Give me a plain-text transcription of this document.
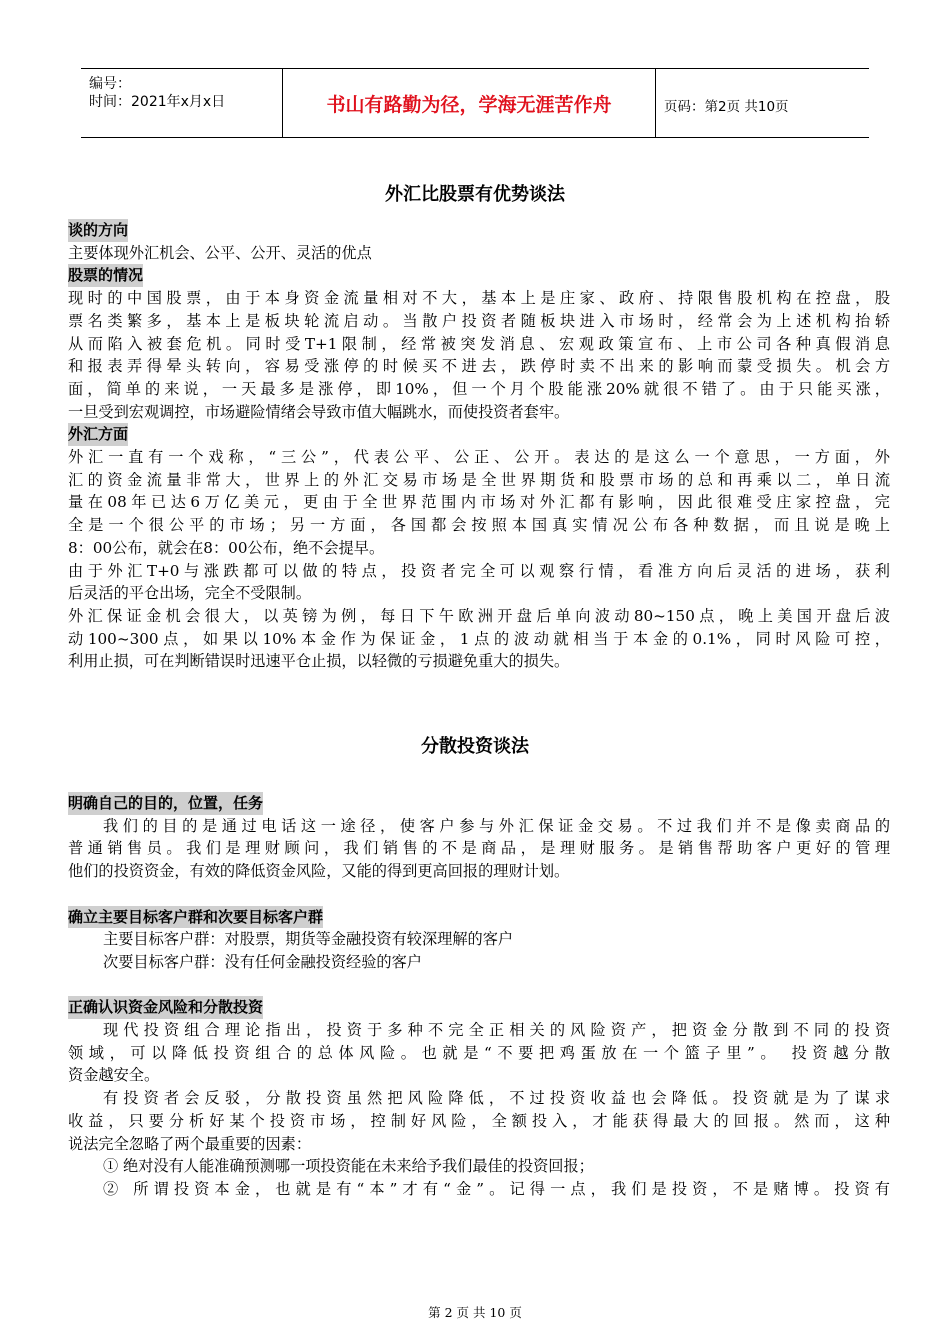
编号：
时间：2021年x月x日	书山有路勤为径，学海无涯苦作舟	页码：第2页 共10页
外汇比股票有优势谈法
谈的方向
主要体现外汇机会、公平、公开、灵活的优点
股票的情况
现时的中国股票，由于本身资金流量相对不大，基本上是庄家、政府、持限售股机构在控盘，股
票名类繁多，基本上是板块轮流启动。当散户投资者随板块进入市场时，经常会为上述机构抬轿
从而陷入被套危机。同时受T+1限制，经常被突发消息、宏观政策宣布、上市公司各种真假消息
和报表弄得晕头转向，容易受涨停的时候买不进去，跌停时卖不出来的影响而蒙受损失。机会方
面，简单的来说，一天最多是涨停，即10%，但一个月个股能涨20%就很不错了。由于只能买涨，
一旦受到宏观调控，市场避险情绪会导致市值大幅跳水，而使投资者套牢。
外汇方面
外汇一直有一个戏称，“三公”，代表公平、公正、公开。表达的是这么一个意思，一方面，外
汇的资金流量非常大，世界上的外汇交易市场是全世界期货和股票市场的总和再乘以二，单日流
量在08年已达6万亿美元，更由于全世界范围内市场对外汇都有影响，因此很难受庄家控盘，完
全是一个很公平的市场；另一方面，各国都会按照本国真实情况公布各种数据，而且说是晚上
8：00公布，就会在8：00公布，绝不会提早。
由于外汇T+0与涨跌都可以做的特点，投资者完全可以观察行情，看准方向后灵活的进场，获利
后灵活的平仓出场，完全不受限制。
外汇保证金机会很大，以英镑为例，每日下午欧洲开盘后单向波动80~150点，晚上美国开盘后波
动100~300点，如果以10%本金作为保证金，1点的波动就相当于本金的0.1%，同时风险可控，
利用止损，可在判断错误时迅速平仓止损，以轻微的亏损避免重大的损失。
分散投资谈法
明确自己的目的，位置，任务
我们的目的是通过电话这一途径，使客户参与外汇保证金交易。不过我们并不是像卖商品的
普通销售员。我们是理财顾问，我们销售的不是商品，是理财服务。是销售帮助客户更好的管理
他们的投资资金，有效的降低资金风险，又能的得到更高回报的理财计划。
确立主要目标客户群和次要目标客户群
主要目标客户群：对股票，期货等金融投资有较深理解的客户
次要目标客户群：没有任何金融投资经验的客户
正确认识资金风险和分散投资
现代投资组合理论指出，投资于多种不完全正相关的风险资产，把资金分散到不同的投资
领域，可以降低投资组合的总体风险。也就是“不要把鸡蛋放在一个篮子里”。 投资越分散
资金越安全。
有投资者会反驳，分散投资虽然把风险降低，不过投资收益也会降低。投资就是为了谋求
收益，只要分析好某个投资市场，控制好风险，全额投入，才能获得最大的回报。然而，这种
说法完全忽略了两个最重要的因素：
① 绝对没有人能准确预测哪一项投资能在未来给予我们最佳的投资回报；
② 所谓投资本金，也就是有“本”才有“金”。记得一点，我们是投资，不是赌博。投资有
第 2 页 共 10 页
